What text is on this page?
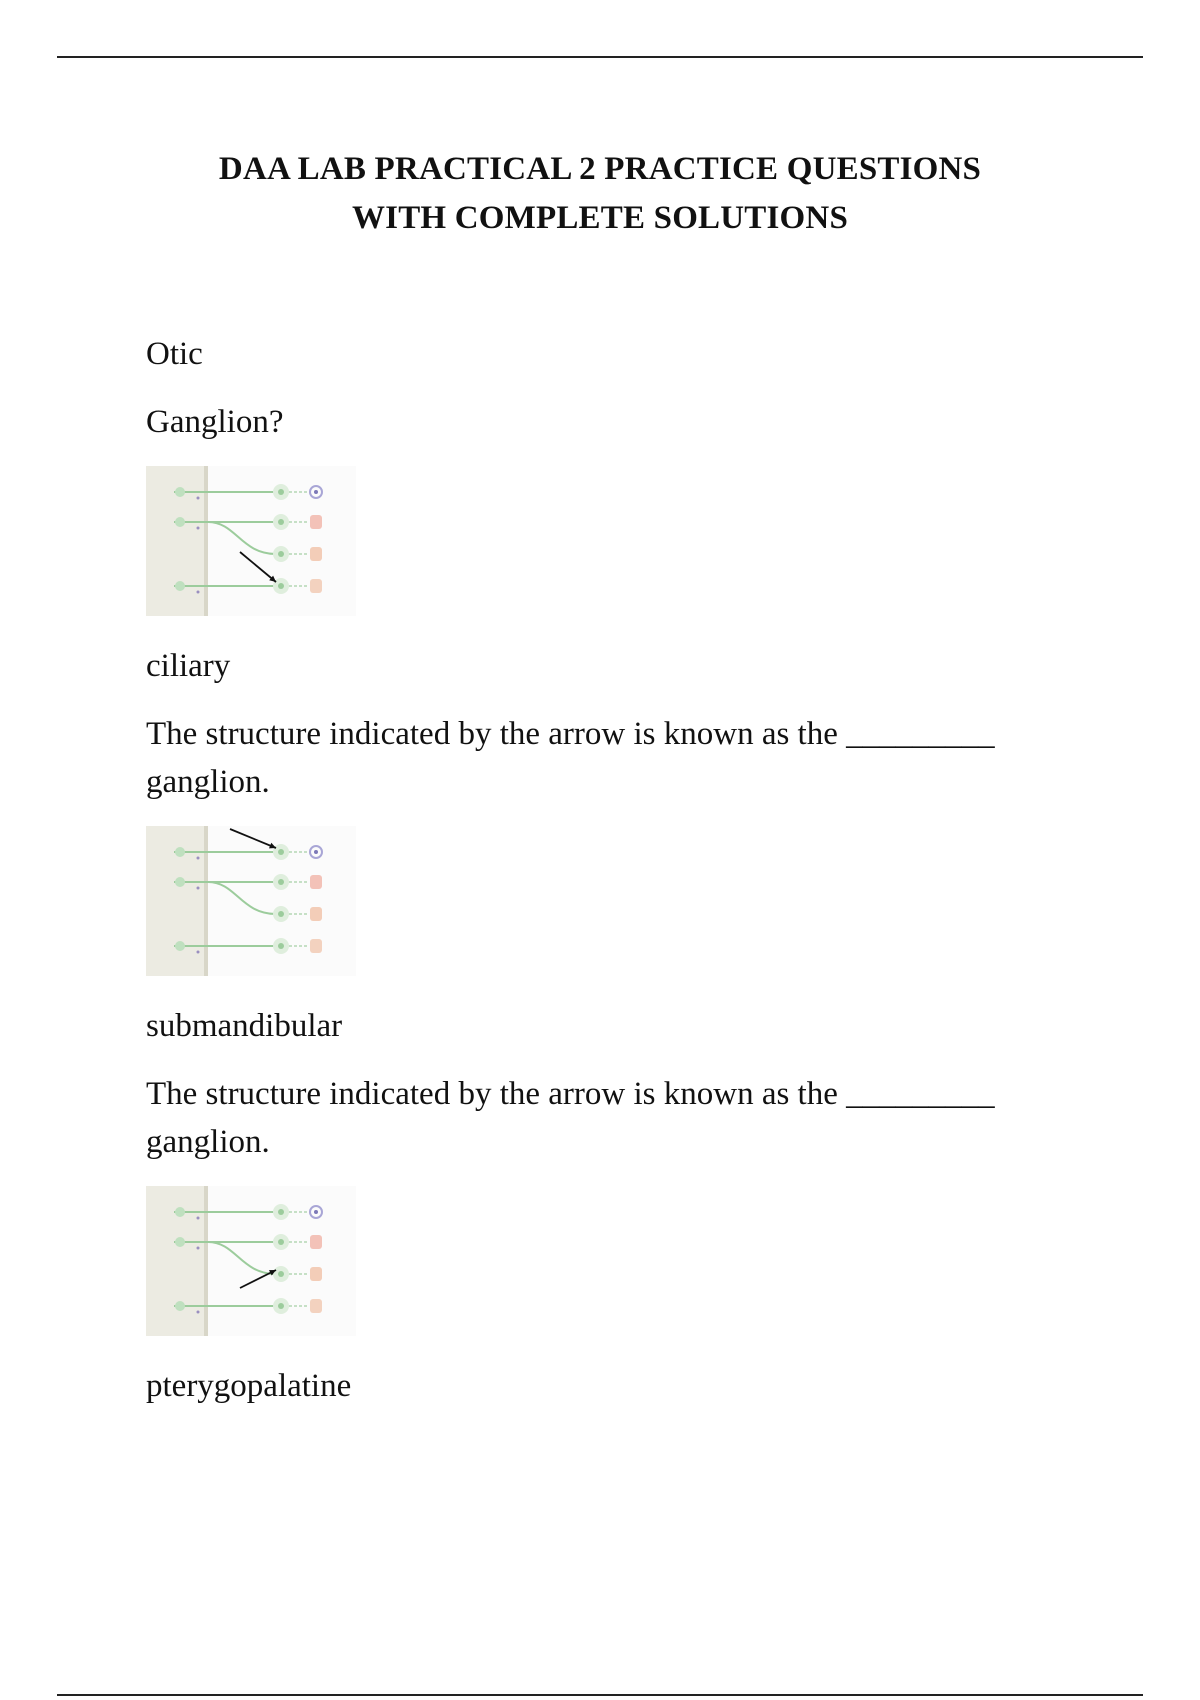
DAA LAB PRACTICAL 2 PRACTICE QUESTIONS
WITH COMPLETE SOLUTIONS

Otic

Ganglion?

ciliary

The structure indicated by the arrow is known as the _________
ganglion.

submandibular

The structure indicated by the arrow is known as the _________
ganglion.

pterygopalatine
